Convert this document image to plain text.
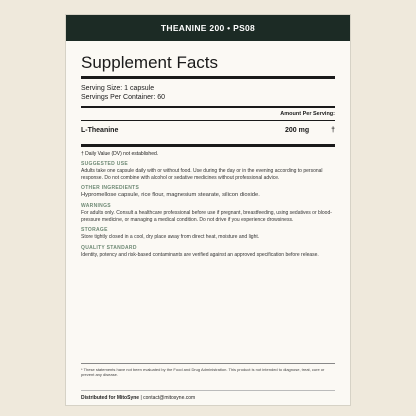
THEANINE 200 • PS08
Supplement Facts
Serving Size: 1 capsule
Servings Per Container: 60
Amount Per Serving:
L-Theanine	200 mg	†
† Daily Value (DV) not established.
SUGGESTED USE
Adults take one capsule daily with or without food. Use during the day or in the evening according to personal response. Do not combine with alcohol or sedative medicines without professional advice.
OTHER INGREDIENTS
Hypromellose capsule, rice flour, magnesium stearate, silicon dioxide.
WARNINGS
For adults only. Consult a healthcare professional before use if pregnant, breastfeeding, using sedatives or blood-pressure medicine, or managing a medical condition. Do not drive if you experience drowsiness.
STORAGE
Store tightly closed in a cool, dry place away from direct heat, moisture and light.
QUALITY STANDARD
Identity, potency and risk-based contaminants are verified against an approved specification before release.
* These statements have not been evaluated by the Food and Drug Administration. This product is not intended to diagnose, treat, cure or prevent any disease.
Distributed for MitoSyne | contact@mitosyne.com
